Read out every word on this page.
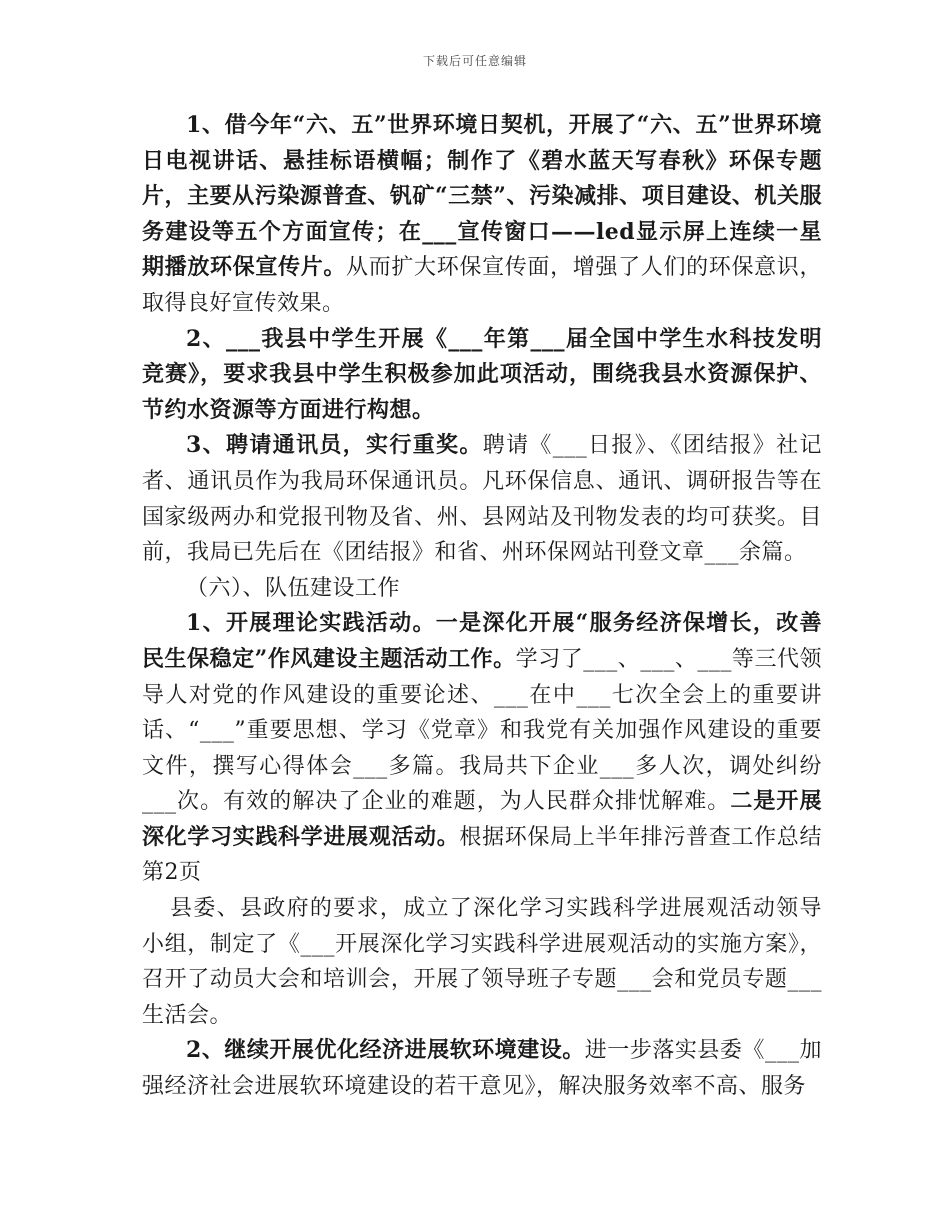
下载后可任意编辑

1、借今年“六、五”世界环境日契机，开展了“六、五”世界环境日电视讲话、悬挂标语横幅；制作了《碧水蓝天写春秋》环保专题片，主要从污染源普查、钒矿“三禁”、污染减排、项目建设、机关服务建设等五个方面宣传；在___宣传窗口——led显示屏上连续一星期播放环保宣传片。从而扩大环保宣传面，增强了人们的环保意识，取得良好宣传效果。

2、___我县中学生开展《___年第___届全国中学生水科技发明竞赛》，要求我县中学生积极参加此项活动，围绕我县水资源保护、节约水资源等方面进行构想。

3、聘请通讯员，实行重奖。聘请《___日报》、《团结报》社记者、通讯员作为我局环保通讯员。凡环保信息、通讯、调研报告等在国家级两办和党报刊物及省、州、县网站及刊物发表的均可获奖。目前，我局已先后在《团结报》和省、州环保网站刊登文章___余篇。

（六）、队伍建设工作

1、开展理论实践活动。一是深化开展“服务经济保增长，改善民生保稳定”作风建设主题活动工作。学习了___、___、___等三代领导人对党的作风建设的重要论述、___在中___七次全会上的重要讲话、“___”重要思想、学习《党章》和我党有关加强作风建设的重要文件，撰写心得体会___多篇。我局共下企业___多人次，调处纠纷___次。有效的解决了企业的难题，为人民群众排忧解难。二是开展深化学习实践科学进展观活动。根据环保局上半年排污普查工作总结第2页

县委、县政府的要求，成立了深化学习实践科学进展观活动领导小组，制定了《___开展深化学习实践科学进展观活动的实施方案》，召开了动员大会和培训会，开展了领导班子专题___会和党员专题___生活会。

2、继续开展优化经济进展软环境建设。进一步落实县委《___加强经济社会进展软环境建设的若干意见》，解决服务效率不高、服务
